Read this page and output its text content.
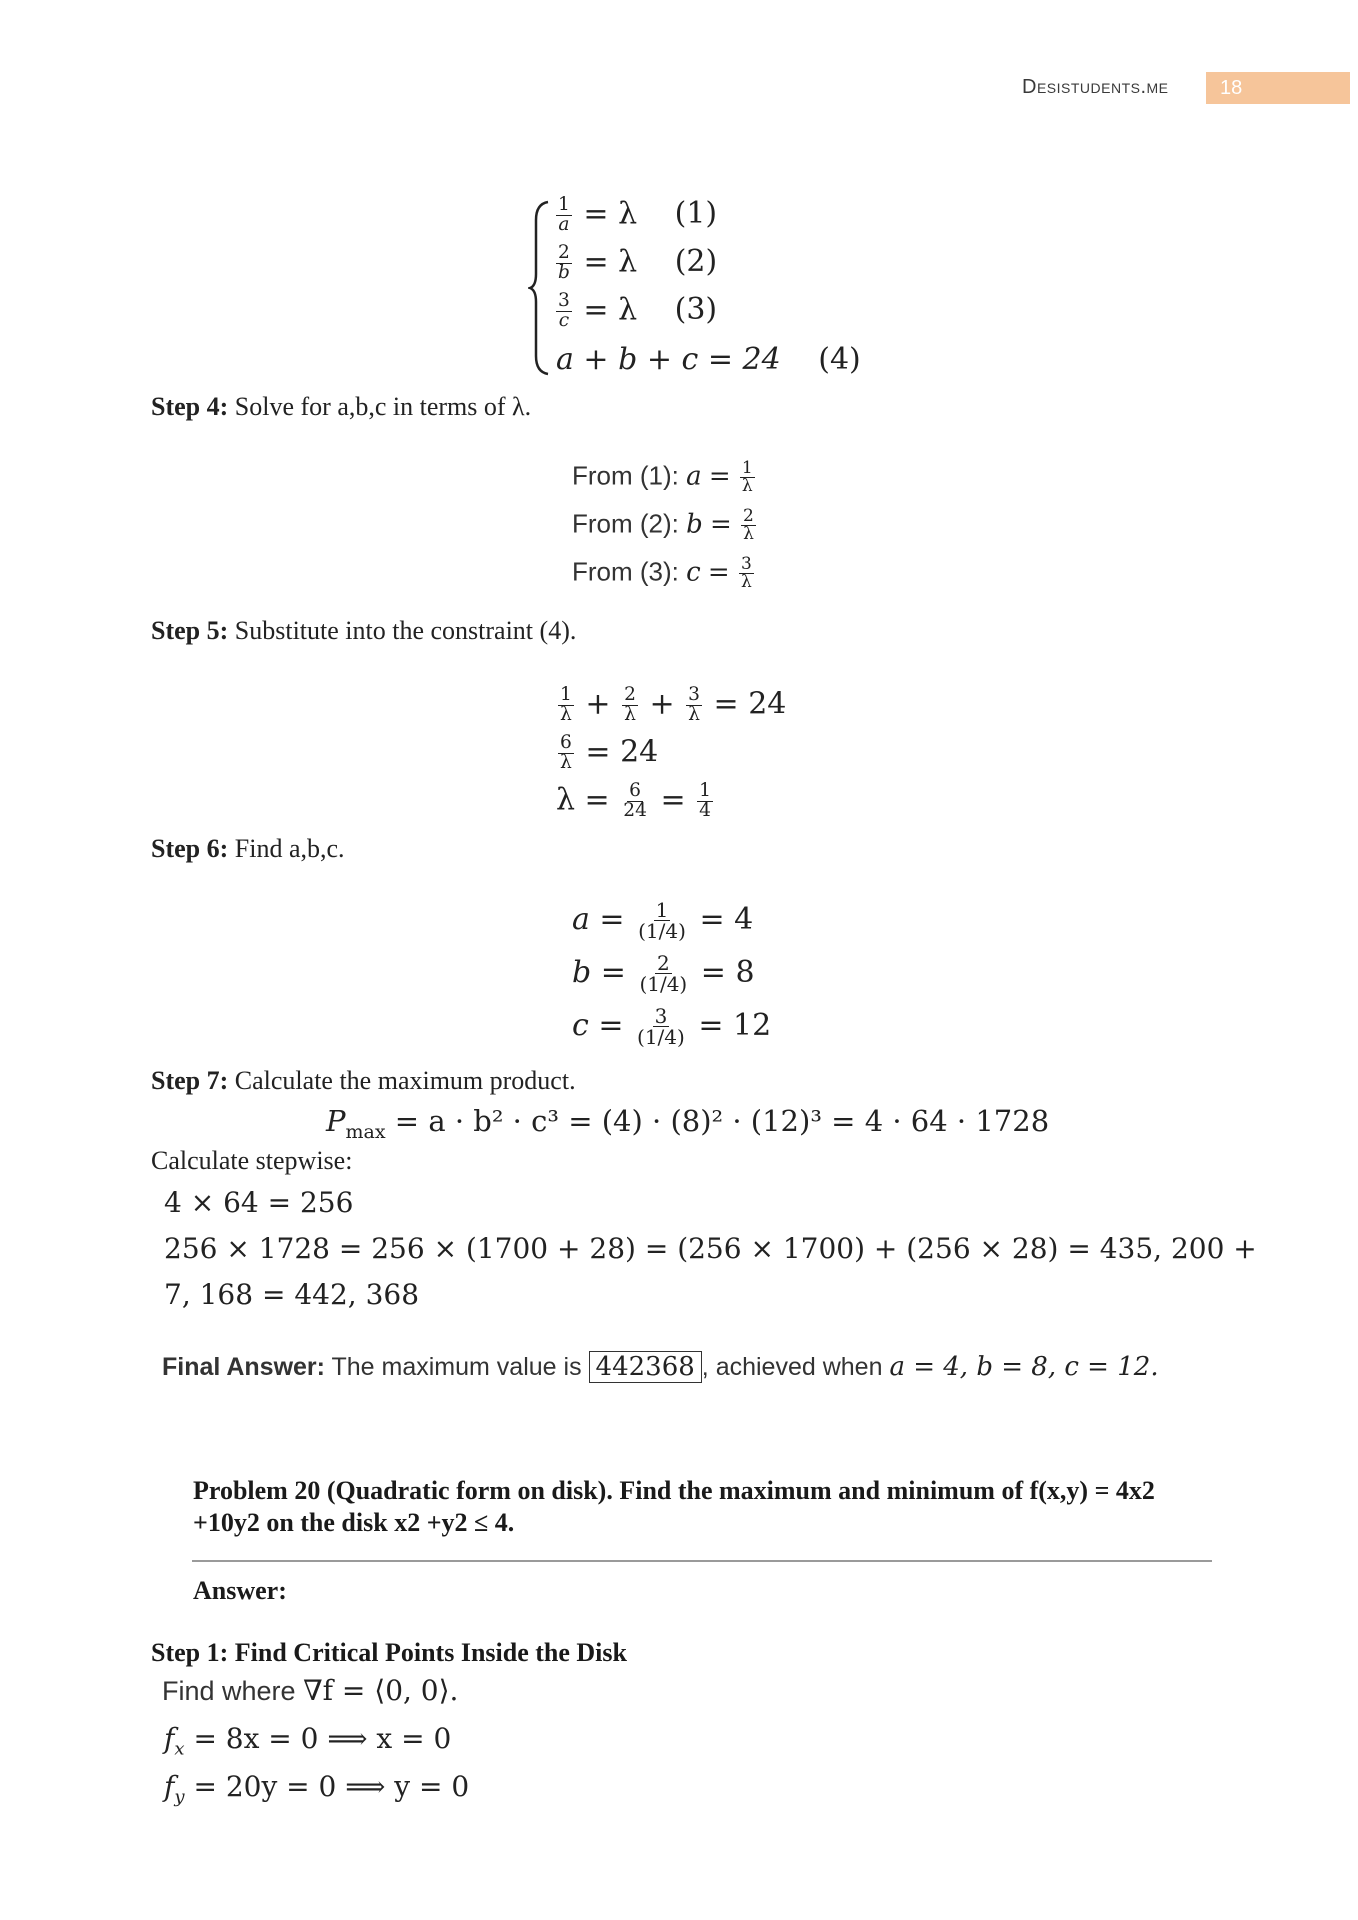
Desistudents.me	18
$\frac{1}{a} = \lambda$ (1)
$\frac{2}{b} = \lambda$ (2)
$\frac{3}{c} = \lambda$ (3)
a + b + c = 24 (4)
Step 4: Solve for a,b,c in terms of λ.
From (1): $a = \frac{1}{\lambda}$
From (2): $b = \frac{2}{\lambda}$
From (3): $c = \frac{3}{\lambda}$
Step 5: Substitute into the constraint (4).
$\frac{1}{\lambda} + \frac{2}{\lambda} + \frac{3}{\lambda} = 24$
$\frac{6}{\lambda} = 24$
$\lambda = \frac{6}{24} = \frac{1}{4}$
Step 6: Find a,b,c.
$a = \frac{1}{(1/4)} = 4$
$b = \frac{2}{(1/4)} = 8$
$c = \frac{3}{(1/4)} = 12$
Step 7: Calculate the maximum product.
$P_{max} = a \cdot b^2 \cdot c^3 = (4) \cdot (8)^2 \cdot (12)^3 = 4 \cdot 64 \cdot 1728$
Calculate stepwise:
4 × 64 = 256
256 × 1728 = 256 × (1700 + 28) = (256 × 1700) + (256 × 28) = 435, 200 +
7, 168 = 442, 368
Final Answer: The maximum value is 442368 , achieved when a = 4, b = 8, c = 12.
Problem 20 (Quadratic form on disk). Find the maximum and minimum of f(x,y) = 4x2
+10y2 on the disk x2 +y2 ≤ 4.
Answer:
Step 1: Find Critical Points Inside the Disk
Find where ∇f = ⟨0, 0⟩.
$f_x = 8x = 0$ ⟹ x = 0
$f_y = 20y = 0$ ⟹ y = 0
